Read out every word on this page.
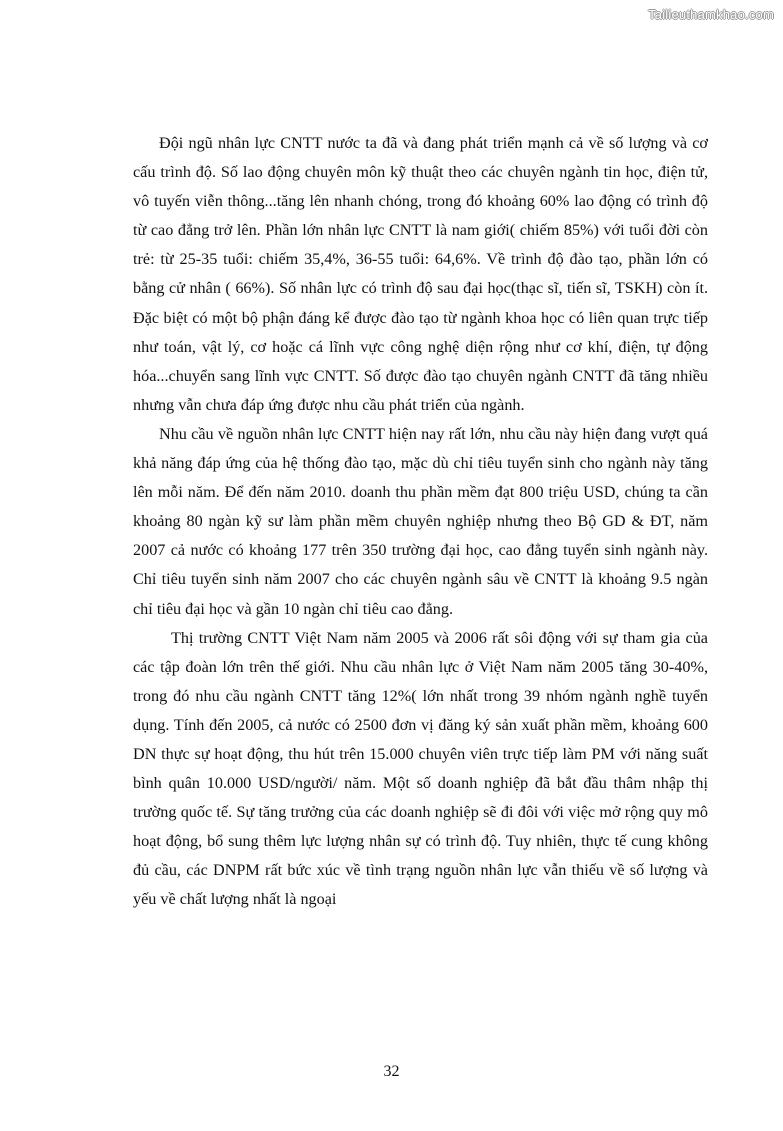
Tailieuthamkhao.com

Đội ngũ nhân lực CNTT nước ta đã và đang phát triển mạnh cả về số lượng và cơ cấu trình độ. Số lao động chuyên môn kỹ thuật theo các chuyên ngành tin học, điện tử, vô tuyến viễn thông...tăng lên nhanh chóng, trong đó khoảng 60% lao động có trình độ từ cao đẳng trở lên. Phần lớn nhân lực CNTT là nam giới( chiếm 85%) với tuổi đời còn trẻ: từ 25-35 tuổi: chiếm 35,4%, 36-55 tuổi: 64,6%. Về trình độ đào tạo, phần lớn có bằng cử nhân ( 66%). Số nhân lực có trình độ sau đại học(thạc sĩ, tiến sĩ, TSKH) còn ít. Đặc biệt có một bộ phận đáng kể được đào tạo từ ngành khoa học có liên quan trực tiếp như toán, vật lý, cơ hoặc cá lĩnh vực công nghệ diện rộng như cơ khí, điện, tự động hóa...chuyển sang lĩnh vực CNTT. Số được đào tạo chuyên ngành CNTT đã tăng nhiều nhưng vẫn chưa đáp ứng được nhu cầu phát triển của ngành.

Nhu cầu về nguồn nhân lực CNTT hiện nay rất lớn, nhu cầu này hiện đang vượt quá khả năng đáp ứng của hệ thống đào tạo, mặc dù chỉ tiêu tuyển sinh cho ngành này tăng lên mỗi năm. Để đến năm 2010. doanh thu phần mềm đạt 800 triệu USD, chúng ta cần khoảng 80 ngàn kỹ sư làm phần mềm chuyên nghiệp nhưng theo Bộ GD & ĐT, năm 2007 cả nước có khoảng 177 trên 350 trường đại học, cao đẳng tuyển sinh ngành này. Chỉ tiêu tuyển sinh năm 2007 cho các chuyên ngành sâu về CNTT là khoảng 9.5 ngàn chỉ tiêu đại học và gần 10 ngàn chỉ tiêu cao đẳng.

Thị trường CNTT Việt Nam năm 2005 và 2006 rất sôi động với sự tham gia của các tập đoàn lớn trên thế giới. Nhu cầu nhân lực ở Việt Nam năm 2005 tăng 30-40%, trong đó nhu cầu ngành CNTT tăng 12%( lớn nhất trong 39 nhóm ngành nghề tuyển dụng. Tính đến 2005, cả nước có 2500 đơn vị đăng ký sản xuất phần mềm, khoảng 600 DN thực sự hoạt động, thu hút trên 15.000 chuyên viên trực tiếp làm PM với năng suất bình quân 10.000 USD/người/ năm. Một số doanh nghiệp đã bắt đầu thâm nhập thị trường quốc tế. Sự tăng trưởng của các doanh nghiệp sẽ đi đôi với việc mở rộng quy mô hoạt động, bổ sung thêm lực lượng nhân sự có trình độ. Tuy nhiên, thực tế cung không đủ cầu, các DNPM rất bức xúc về tình trạng nguồn nhân lực vẫn thiếu về số lượng và yếu về chất lượng nhất là ngoại

32
